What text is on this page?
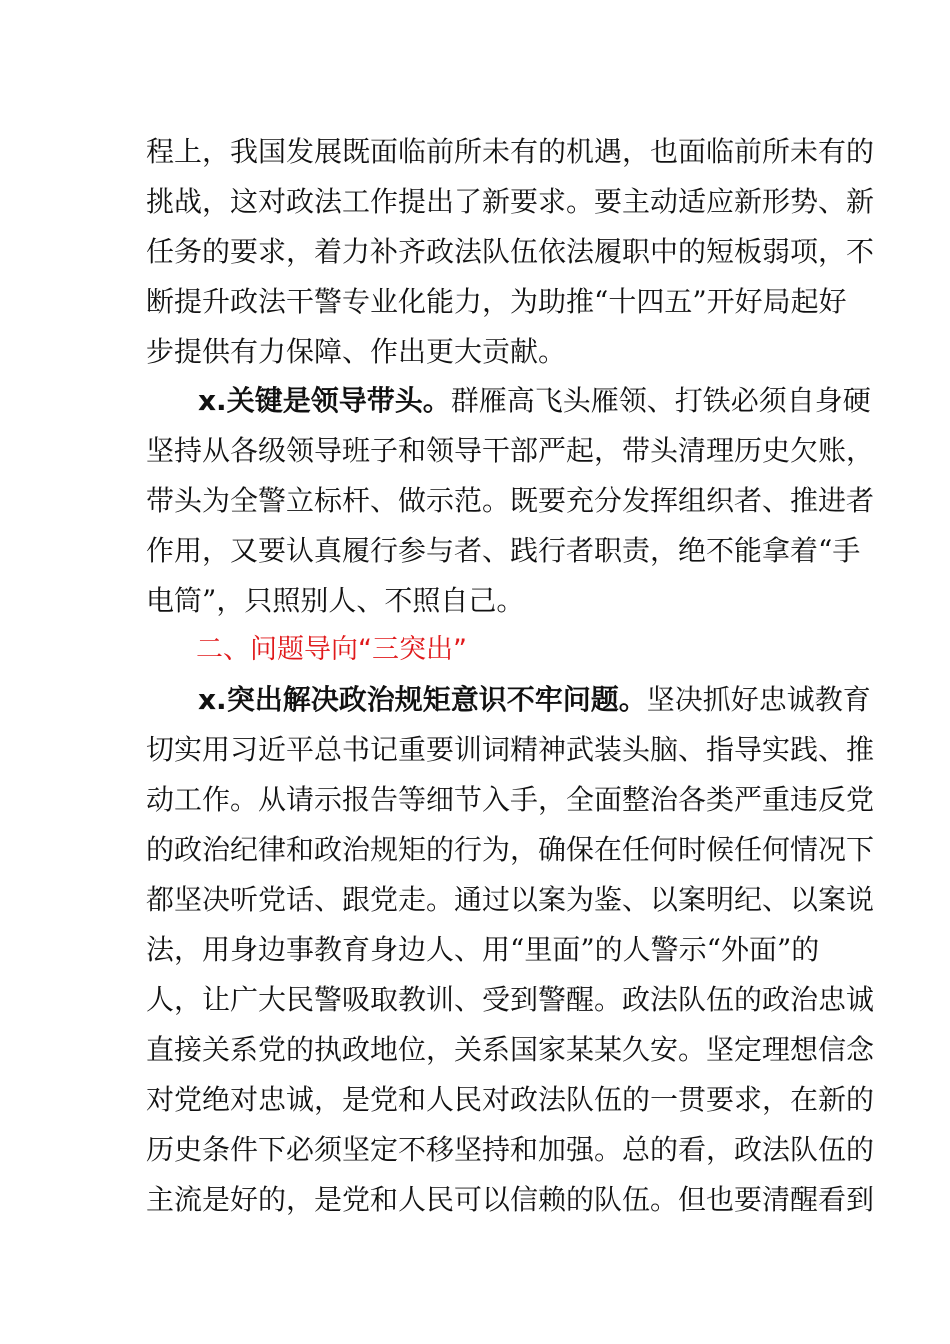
程上，我国发展既面临前所未有的机遇，也面临前所未有的
挑战，这对政法工作提出了新要求。要主动适应新形势、新
任务的要求，着力补齐政法队伍依法履职中的短板弱项，不
断提升政法干警专业化能力，为助推“十四五”开好局起好
步提供有力保障、作出更大贡献。
x.关键是领导带头。群雁高飞头雁领、打铁必须自身硬
坚持从各级领导班子和领导干部严起，带头清理历史欠账，
带头为全警立标杆、做示范。既要充分发挥组织者、推进者
作用，又要认真履行参与者、践行者职责，绝不能拿着“手
电筒”，只照别人、不照自己。
二、问题导向“三突出”
x.突出解决政治规矩意识不牢问题。坚决抓好忠诚教育
切实用习近平总书记重要训词精神武装头脑、指导实践、推
动工作。从请示报告等细节入手，全面整治各类严重违反党
的政治纪律和政治规矩的行为，确保在任何时候任何情况下
都坚决听党话、跟党走。通过以案为鉴、以案明纪、以案说
法，用身边事教育身边人、用“里面”的人警示“外面”的
人，让广大民警吸取教训、受到警醒。政法队伍的政治忠诚
直接关系党的执政地位，关系国家某某久安。坚定理想信念
对党绝对忠诚，是党和人民对政法队伍的一贯要求，在新的
历史条件下必须坚定不移坚持和加强。总的看，政法队伍的
主流是好的，是党和人民可以信赖的队伍。但也要清醒看到
